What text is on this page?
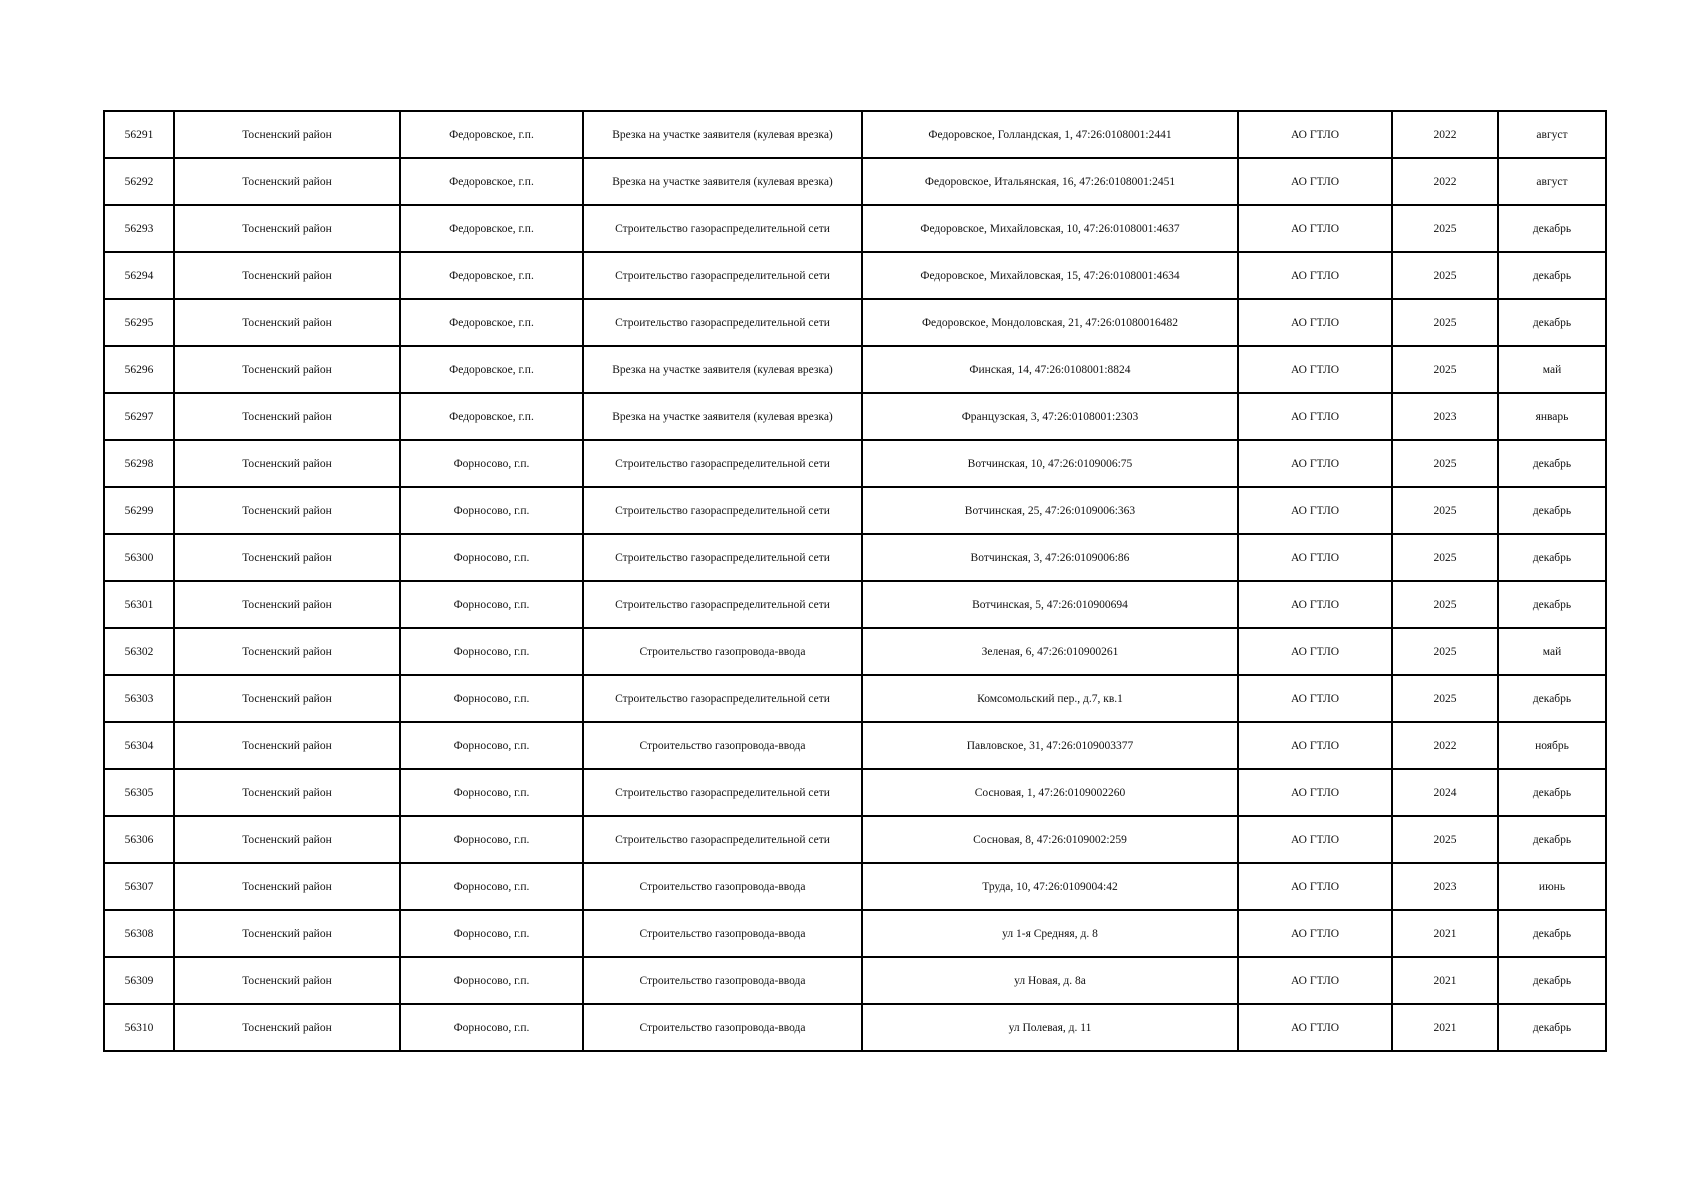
56291	Тосненский район	Федоровское, г.п.	Врезка на участке заявителя (кулевая врезка)	Федоровское, Голландская, 1, 47:26:0108001:2441	АО ГТЛО	2022	август
56292	Тосненский район	Федоровское, г.п.	Врезка на участке заявителя (кулевая врезка)	Федоровское, Итальянская, 16, 47:26:0108001:2451	АО ГТЛО	2022	август
56293	Тосненский район	Федоровское, г.п.	Строительство газораспределительной сети	Федоровское, Михайловская, 10, 47:26:0108001:4637	АО ГТЛО	2025	декабрь
56294	Тосненский район	Федоровское, г.п.	Строительство газораспределительной сети	Федоровское, Михайловская, 15, 47:26:0108001:4634	АО ГТЛО	2025	декабрь
56295	Тосненский район	Федоровское, г.п.	Строительство газораспределительной сети	Федоровское, Мондоловская, 21, 47:26:01080016482	АО ГТЛО	2025	декабрь
56296	Тосненский район	Федоровское, г.п.	Врезка на участке заявителя (кулевая врезка)	Финская, 14, 47:26:0108001:8824	АО ГТЛО	2025	май
56297	Тосненский район	Федоровское, г.п.	Врезка на участке заявителя (кулевая врезка)	Французская, 3, 47:26:0108001:2303	АО ГТЛО	2023	январь
56298	Тосненский район	Форносово, г.п.	Строительство газораспределительной сети	Вотчинская, 10, 47:26:0109006:75	АО ГТЛО	2025	декабрь
56299	Тосненский район	Форносово, г.п.	Строительство газораспределительной сети	Вотчинская, 25, 47:26:0109006:363	АО ГТЛО	2025	декабрь
56300	Тосненский район	Форносово, г.п.	Строительство газораспределительной сети	Вотчинская, 3, 47:26:0109006:86	АО ГТЛО	2025	декабрь
56301	Тосненский район	Форносово, г.п.	Строительство газораспределительной сети	Вотчинская, 5, 47:26:010900694	АО ГТЛО	2025	декабрь
56302	Тосненский район	Форносово, г.п.	Строительство газопровода-ввода	Зеленая, 6, 47:26:010900261	АО ГТЛО	2025	май
56303	Тосненский район	Форносово, г.п.	Строительство газораспределительной сети	Комсомольский пер., д.7, кв.1	АО ГТЛО	2025	декабрь
56304	Тосненский район	Форносово, г.п.	Строительство газопровода-ввода	Павловское, 31, 47:26:0109003377	АО ГТЛО	2022	ноябрь
56305	Тосненский район	Форносово, г.п.	Строительство газораспределительной сети	Сосновая, 1, 47:26:0109002260	АО ГТЛО	2024	декабрь
56306	Тосненский район	Форносово, г.п.	Строительство газораспределительной сети	Сосновая, 8, 47:26:0109002:259	АО ГТЛО	2025	декабрь
56307	Тосненский район	Форносово, г.п.	Строительство газопровода-ввода	Труда, 10, 47:26:0109004:42	АО ГТЛО	2023	июнь
56308	Тосненский район	Форносово, г.п.	Строительство газопровода-ввода	ул 1-я Средняя, д. 8	АО ГТЛО	2021	декабрь
56309	Тосненский район	Форносово, г.п.	Строительство газопровода-ввода	ул Новая, д. 8а	АО ГТЛО	2021	декабрь
56310	Тосненский район	Форносово, г.п.	Строительство газопровода-ввода	ул Полевая, д. 11	АО ГТЛО	2021	декабрь
